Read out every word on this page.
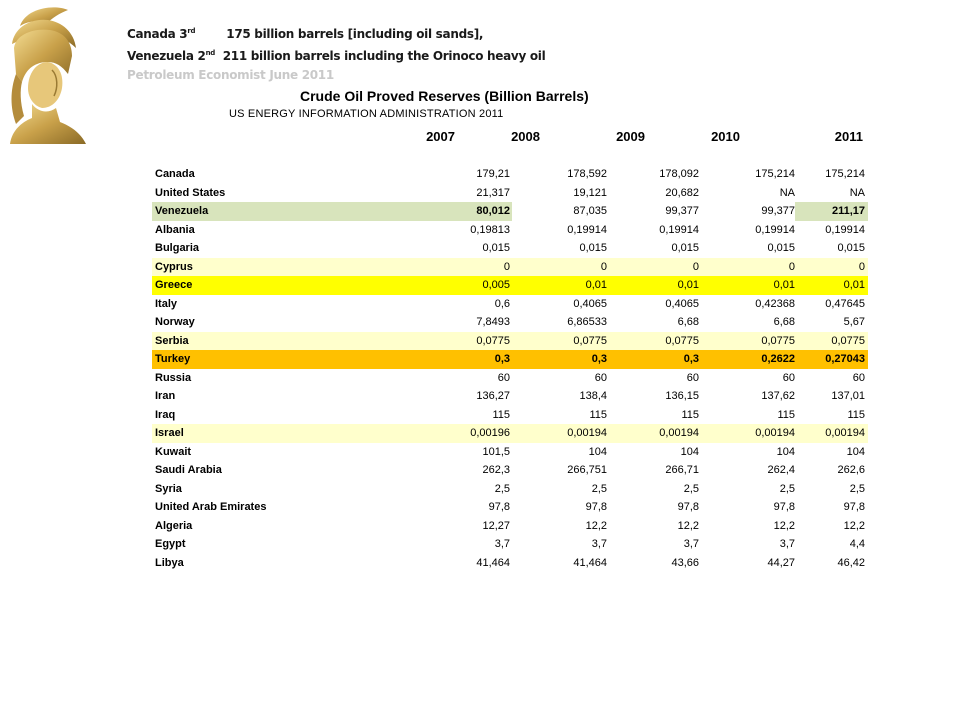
Canada 3rd	175 billion barrels [including oil sands],
Venezuela 2nd 211 billion barrels including the Orinoco heavy oil
Petroleum Economist June 2011
Crude Oil Proved Reserves (Billion Barrels)
US ENERGY INFORMATION ADMINISTRATION 2011
2007	2008	2009	2010	2011
Canada	179,21	178,592	178,092	175,214	175,214
United States	21,317	19,121	20,682	NA	NA
Venezuela	80,012	87,035	99,377	99,377	211,17
Albania	0,19813	0,19914	0,19914	0,19914	0,19914
Bulgaria	0,015	0,015	0,015	0,015	0,015
Cyprus	0	0	0	0	0
Greece	0,005	0,01	0,01	0,01	0,01
Italy	0,6	0,4065	0,4065	0,42368	0,47645
Norway	7,8493	6,86533	6,68	6,68	5,67
Serbia	0,0775	0,0775	0,0775	0,0775	0,0775
Turkey	0,3	0,3	0,3	0,2622	0,27043
Russia	60	60	60	60	60
Iran	136,27	138,4	136,15	137,62	137,01
Iraq	115	115	115	115	115
Israel	0,00196	0,00194	0,00194	0,00194	0,00194
Kuwait	101,5	104	104	104	104
Saudi Arabia	262,3	266,751	266,71	262,4	262,6
Syria	2,5	2,5	2,5	2,5	2,5
United Arab Emirates	97,8	97,8	97,8	97,8	97,8
Algeria	12,27	12,2	12,2	12,2	12,2
Egypt	3,7	3,7	3,7	3,7	4,4
Libya	41,464	41,464	43,66	44,27	46,42
